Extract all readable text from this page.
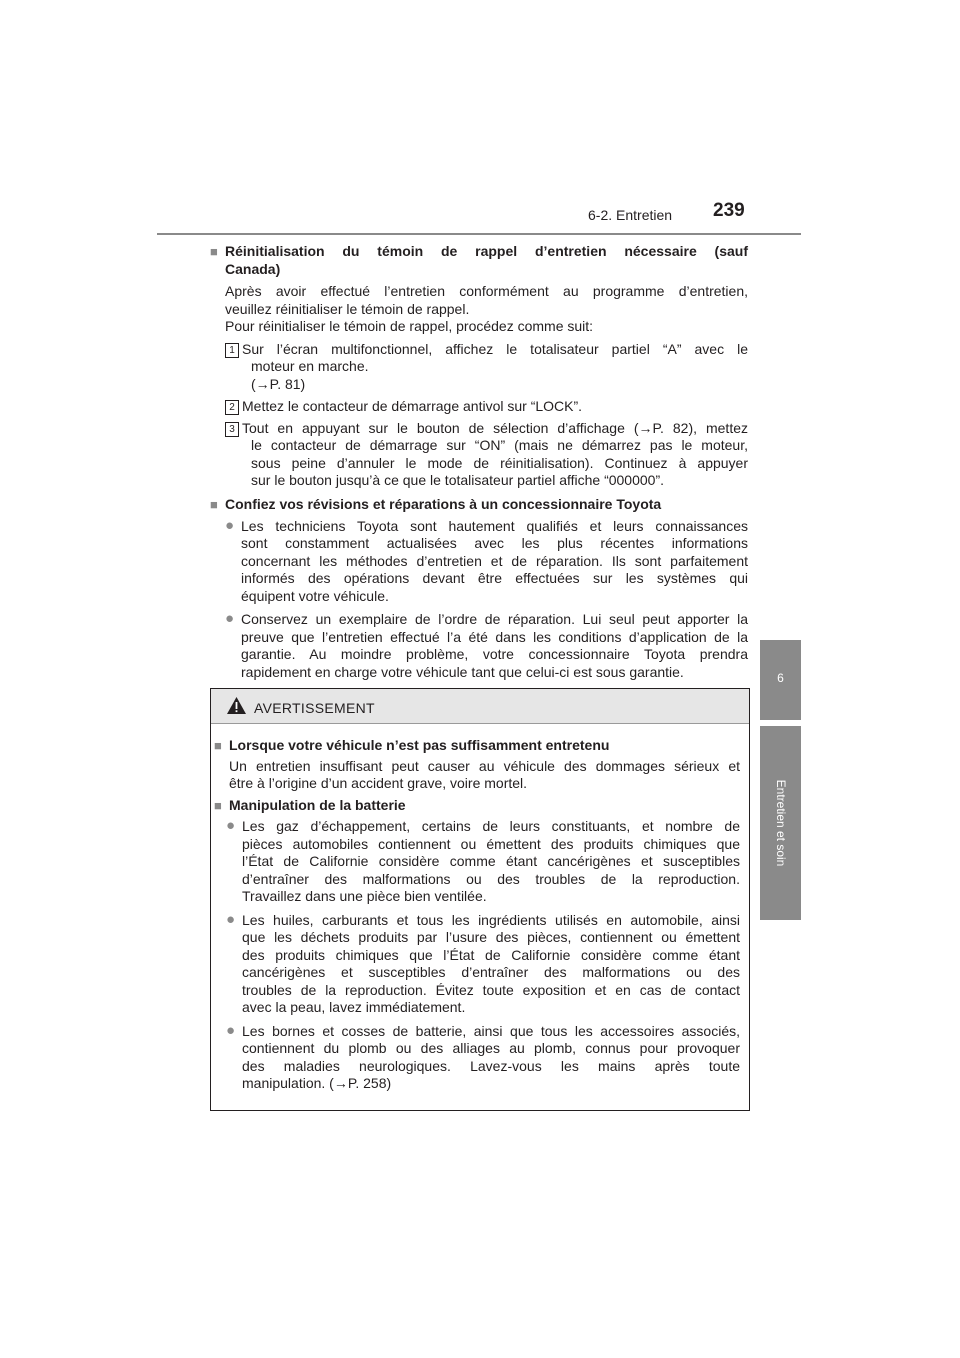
6-2. Entretien 239
6
Entretien et soin
■ Réinitialisation du témoin de rappel d’entretien nécessaire (sauf
Canada)
Après avoir effectué l’entretien conformément au programme d’entretien,
veuillez réinitialiser le témoin de rappel.
Pour réinitialiser le témoin de rappel, procédez comme suit:
1 Sur l’écran multifonctionnel, affichez le totalisateur partiel “A” avec le
moteur en marche.
(→P. 81)
2 Mettez le contacteur de démarrage antivol sur “LOCK”.
3 Tout en appuyant sur le bouton de sélection d’affichage (→P. 82), mettez
le contacteur de démarrage sur “ON” (mais ne démarrez pas le moteur,
sous peine d’annuler le mode de réinitialisation). Continuez à appuyer
sur le bouton jusqu’à ce que le totalisateur partiel affiche “000000”.
■ Confiez vos révisions et réparations à un concessionnaire Toyota
● Les techniciens Toyota sont hautement qualifiés et leurs connaissances
sont constamment actualisées avec les plus récentes informations
concernant les méthodes d’entretien et de réparation. Ils sont parfaitement
informés des opérations devant être effectuées sur les systèmes qui
équipent votre véhicule.
● Conservez un exemplaire de l’ordre de réparation. Lui seul peut apporter la
preuve que l’entretien effectué l’a été dans les conditions d’application de la
garantie. Au moindre problème, votre concessionnaire Toyota prendra
rapidement en charge votre véhicule tant que celui-ci est sous garantie.
AVERTISSEMENT
■ Lorsque votre véhicule n’est pas suffisamment entretenu
Un entretien insuffisant peut causer au véhicule des dommages sérieux et
être à l’origine d’un accident grave, voire mortel.
■ Manipulation de la batterie
● Les gaz d’échappement, certains de leurs constituants, et nombre de
pièces automobiles contiennent ou émettent des produits chimiques que
l’État de Californie considère comme étant cancérigènes et susceptibles
d’entraîner des malformations ou des troubles de la reproduction.
Travaillez dans une pièce bien ventilée.
● Les huiles, carburants et tous les ingrédients utilisés en automobile, ainsi
que les déchets produits par l’usure des pièces, contiennent ou émettent
des produits chimiques que l’État de Californie considère comme étant
cancérigènes et susceptibles d’entraîner des malformations ou des
troubles de la reproduction. Évitez toute exposition et en cas de contact
avec la peau, lavez immédiatement.
● Les bornes et cosses de batterie, ainsi que tous les accessoires associés,
contiennent du plomb ou des alliages au plomb, connus pour provoquer
des maladies neurologiques. Lavez-vous les mains après toute
manipulation. (→P. 258)
